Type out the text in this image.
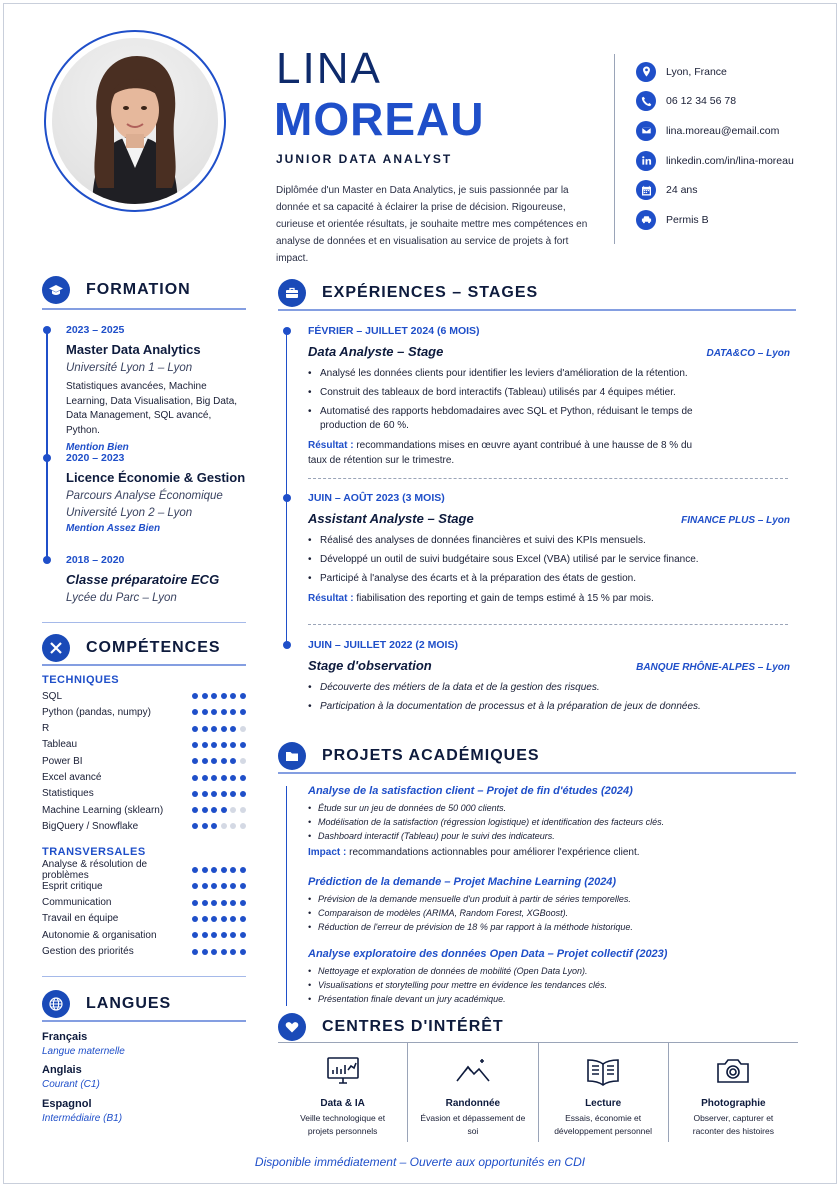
LINA
MOREAU
JUNIOR DATA ANALYST
Diplômée d'un Master en Data Analytics, je suis passionnée par la donnée et sa capacité à éclairer la prise de décision. Rigoureuse, curieuse et orientée résultats, je souhaite mettre mes compétences en analyse de données et en visualisation au service de projets à fort impact.
Lyon, France
06 12 34 56 78
lina.moreau@email.com
linkedin.com/in/lina-moreau
24 ans
Permis B
FORMATION
2023 – 2025
Master Data Analytics
Université Lyon 1 – Lyon
Statistiques avancées, Machine Learning, Data Visualisation, Big Data, Data Management, SQL avancé, Python.
Mention Bien
2020 – 2023
Licence Économie & Gestion
Parcours Analyse Économique
Université Lyon 2 – Lyon
Mention Assez Bien
2018 – 2020
Classe préparatoire ECG
Lycée du Parc – Lyon
COMPÉTENCES
TECHNIQUES
SQL
Python (pandas, numpy)
R
Tableau
Power BI
Excel avancé
Statistiques
Machine Learning (sklearn)
BigQuery / Snowflake
TRANSVERSALES
Analyse & résolution de problèmes
Esprit critique
Communication
Travail en équipe
Autonomie & organisation
Gestion des priorités
LANGUES
Français
Langue maternelle
Anglais
Courant (C1)
Espagnol
Intermédiaire (B1)
EXPÉRIENCES – STAGES
FÉVRIER – JUILLET 2024 (6 MOIS)
Data Analyste – Stage	DATA&CO – Lyon
• Analysé les données clients pour identifier les leviers d'amélioration de la rétention.
• Construit des tableaux de bord interactifs (Tableau) utilisés par 4 équipes métier.
• Automatisé des rapports hebdomadaires avec SQL et Python, réduisant le temps de production de 60 %.
Résultat : recommandations mises en œuvre ayant contribué à une hausse de 8 % du taux de rétention sur le trimestre.
JUIN – AOÛT 2023 (3 MOIS)
Assistant Analyste – Stage	FINANCE PLUS – Lyon
• Réalisé des analyses de données financières et suivi des KPIs mensuels.
• Développé un outil de suivi budgétaire sous Excel (VBA) utilisé par le service finance.
• Participé à l'analyse des écarts et à la préparation des états de gestion.
Résultat : fiabilisation des reporting et gain de temps estimé à 15 % par mois.
JUIN – JUILLET 2022 (2 MOIS)
Stage d'observation	BANQUE RHÔNE-ALPES – Lyon
• Découverte des métiers de la data et de la gestion des risques.
• Participation à la documentation de processus et à la préparation de jeux de données.
PROJETS ACADÉMIQUES
Analyse de la satisfaction client – Projet de fin d'études (2024)
• Étude sur un jeu de données de 50 000 clients.
• Modélisation de la satisfaction (régression logistique) et identification des facteurs clés.
• Dashboard interactif (Tableau) pour le suivi des indicateurs.
Impact : recommandations actionnables pour améliorer l'expérience client.
Prédiction de la demande – Projet Machine Learning (2024)
• Prévision de la demande mensuelle d'un produit à partir de séries temporelles.
• Comparaison de modèles (ARIMA, Random Forest, XGBoost).
• Réduction de l'erreur de prévision de 18 % par rapport à la méthode historique.
Analyse exploratoire des données Open Data – Projet collectif (2023)
• Nettoyage et exploration de données de mobilité (Open Data Lyon).
• Visualisations et storytelling pour mettre en évidence les tendances clés.
• Présentation finale devant un jury académique.
CENTRES D'INTÉRÊT
Data & IA
Veille technologique et projets personnels
Randonnée
Évasion et dépassement de soi
Lecture
Essais, économie et développement personnel
Photographie
Observer, capturer et raconter des histoires
Disponible immédiatement – Ouverte aux opportunités en CDI
